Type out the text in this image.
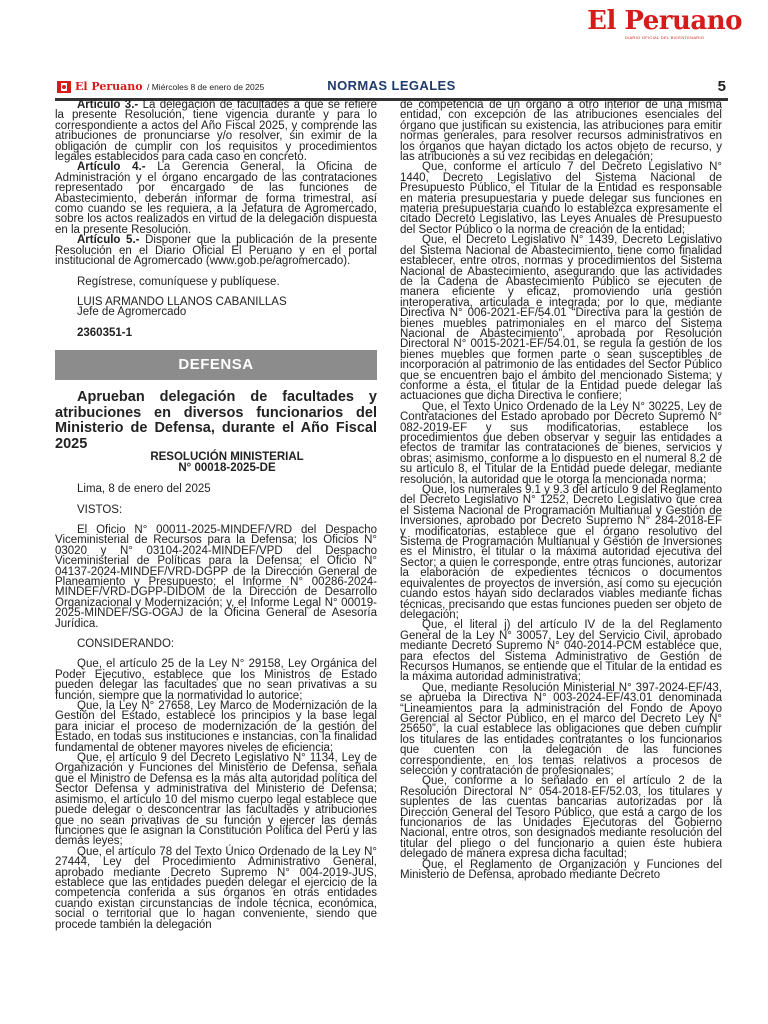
El Peruano
DIARIO OFICIAL DEL BICENTENARIO
El Peruano / Miércoles 8 de enero de 2025	NORMAS LEGALES	5

Artículo 3.- La delegación de facultades a que se refiere la presente Resolución, tiene vigencia durante y para lo correspondiente a actos del Año Fiscal 2025, y comprende las atribuciones de pronunciarse y/o resolver, sin eximir de la obligación de cumplir con los requisitos y procedimientos legales establecidos para cada caso en concreto.

Artículo 4.- La Gerencia General, la Oficina de Administración y el órgano encargado de las contrataciones representado por encargado de las funciones de Abastecimiento, deberán informar de forma trimestral, así como cuando se les requiera, a la Jefatura de Agromercado, sobre los actos realizados en virtud de la delegación dispuesta en la presente Resolución.

Artículo 5.- Disponer que la publicación de la presente Resolución en el Diario Oficial El Peruano y en el portal institucional de Agromercado (www.gob.pe/agromercado).

Regístrese, comuníquese y publíquese.

LUIS ARMANDO LLANOS CABANILLAS

Jefe de Agromercado

2360351-1

DEFENSA

Aprueban delegación de facultades y atribuciones en diversos funcionarios del Ministerio de Defensa, durante el Año Fiscal 2025

RESOLUCIÓN MINISTERIAL

N° 00018-2025-DE

Lima, 8 de enero del 2025

VISTOS:

El Oficio N° 00011-2025-MINDEF/VRD del Despacho Viceministerial de Recursos para la Defensa; los Oficios N° 03020 y N° 03104-2024-MINDEF/VPD del Despacho Viceministerial de Políticas para la Defensa; el Oficio N° 04137-2024-MINDEF/VRD-DGPP de la Dirección General de Planeamiento y Presupuesto; el Informe N° 00286-2024-MINDEF/VRD-DGPP-DIDOM de la Dirección de Desarrollo Organizacional y Modernización; y, el Informe Legal N° 00019-2025-MINDEF/SG-OGAJ de la Oficina General de Asesoría Jurídica.

CONSIDERANDO:

Que, el artículo 25 de la Ley N° 29158, Ley Orgánica del Poder Ejecutivo, establece que los Ministros de Estado pueden delegar las facultades que no sean privativas a su función, siempre que la normatividad lo autorice;

Que, la Ley N° 27658, Ley Marco de Modernización de la Gestión del Estado, establece los principios y la base legal para iniciar el proceso de modernización de la gestión del Estado, en todas sus instituciones e instancias, con la finalidad fundamental de obtener mayores niveles de eficiencia;

Que, el artículo 9 del Decreto Legislativo N° 1134, Ley de Organización y Funciones del Ministerio de Defensa, señala que el Ministro de Defensa es la más alta autoridad política del Sector Defensa y administrativa del Ministerio de Defensa; asimismo, el artículo 10 del mismo cuerpo legal establece que puede delegar o desconcentrar las facultades y atribuciones que no sean privativas de su función y ejercer las demás funciones que le asignan la Constitución Política del Perú y las demás leyes;

Que, el artículo 78 del Texto Único Ordenado de la Ley N° 27444, Ley del Procedimiento Administrativo General, aprobado mediante Decreto Supremo N° 004-2019-JUS, establece que las entidades pueden delegar el ejercicio de la competencia conferida a sus órganos en otras entidades cuando existan circunstancias de índole técnica, económica, social o territorial que lo hagan conveniente, siendo que procede también la delegación

de competencia de un órgano a otro interior de una misma entidad, con excepción de las atribuciones esenciales del órgano que justifican su existencia, las atribuciones para emitir normas generales, para resolver recursos administrativos en los órganos que hayan dictado los actos objeto de recurso, y las atribuciones a su vez recibidas en delegación;

Que, conforme el artículo 7 del Decreto Legislativo N° 1440, Decreto Legislativo del Sistema Nacional de Presupuesto Público, el Titular de la Entidad es responsable en materia presupuestaria y puede delegar sus funciones en materia presupuestaria cuando lo establezca expresamente el citado Decreto Legislativo, las Leyes Anuales de Presupuesto del Sector Público o la norma de creación de la entidad;

Que, el Decreto Legislativo N° 1439, Decreto Legislativo del Sistema Nacional de Abastecimiento, tiene como finalidad establecer, entre otros, normas y procedimientos del Sistema Nacional de Abastecimiento, asegurando que las actividades de la Cadena de Abastecimiento Público se ejecuten de manera eficiente y eficaz, promoviendo una gestión interoperativa, articulada e integrada; por lo que, mediante Directiva N° 006-2021-EF/54.01 “Directiva para la gestión de bienes muebles patrimoniales en el marco del Sistema Nacional de Abastecimiento”, aprobada por Resolución Directoral N° 0015-2021-EF/54.01, se regula la gestión de los bienes muebles que formen parte o sean susceptibles de incorporación al patrimonio de las entidades del Sector Público que se encuentren bajo el ámbito del mencionado Sistema; y conforme a ésta, el titular de la Entidad puede delegar las actuaciones que dicha Directiva le confiere;

Que, el Texto Único Ordenado de la Ley N° 30225, Ley de Contrataciones del Estado aprobado por Decreto Supremo N° 082-2019-EF y sus modificatorias, establece los procedimientos que deben observar y seguir las entidades a efectos de tramitar las contrataciones de bienes, servicios y obras; asimismo, conforme a lo dispuesto en el numeral 8.2 de su artículo 8, el Titular de la Entidad puede delegar, mediante resolución, la autoridad que le otorga la mencionada norma;

Que, los numerales 9.1 y 9.3 del artículo 9 del Reglamento del Decreto Legislativo N° 1252, Decreto Legislativo que crea el Sistema Nacional de Programación Multianual y Gestión de Inversiones, aprobado por Decreto Supremo N° 284-2018-EF y modificatorias, establece que el órgano resolutivo del Sistema de Programación Multianual y Gestión de Inversiones es el Ministro, el titular o la máxima autoridad ejecutiva del Sector; a quien le corresponde, entre otras funciones, autorizar la elaboración de expedientes técnicos o documentos equivalentes de proyectos de inversión, así como su ejecución cuando estos hayan sido declarados viables mediante fichas técnicas, precisando que estas funciones pueden ser objeto de delegación;

Que, el literal j) del artículo IV de la del Reglamento General de la Ley N° 30057, Ley del Servicio Civil, aprobado mediante Decreto Supremo N° 040-2014-PCM establece que, para efectos del Sistema Administrativo de Gestión de Recursos Humanos, se entiende que el Titular de la entidad es la máxima autoridad administrativa;

Que, mediante Resolución Ministerial N° 397-2024-EF/43, se aprueba la Directiva N° 003-2024-EF/43.01 denominada “Lineamientos para la administración del Fondo de Apoyo Gerencial al Sector Público, en el marco del Decreto Ley N° 25650”, la cual establece las obligaciones que deben cumplir los titulares de las entidades contratantes o los funcionarios que cuenten con la delegación de las funciones correspondiente, en los temas relativos a procesos de selección y contratación de profesionales;

Que, conforme a lo señalado en el artículo 2 de la Resolución Directoral N° 054-2018-EF/52.03, los titulares y suplentes de las cuentas bancarias autorizadas por la Dirección General del Tesoro Público, que está a cargo de los funcionarios de las Unidades Ejecutoras del Gobierno Nacional, entre otros, son designados mediante resolución del titular del pliego o del funcionario a quien éste hubiera delegado de manera expresa dicha facultad;

Que, el Reglamento de Organización y Funciones del Ministerio de Defensa, aprobado mediante Decreto
